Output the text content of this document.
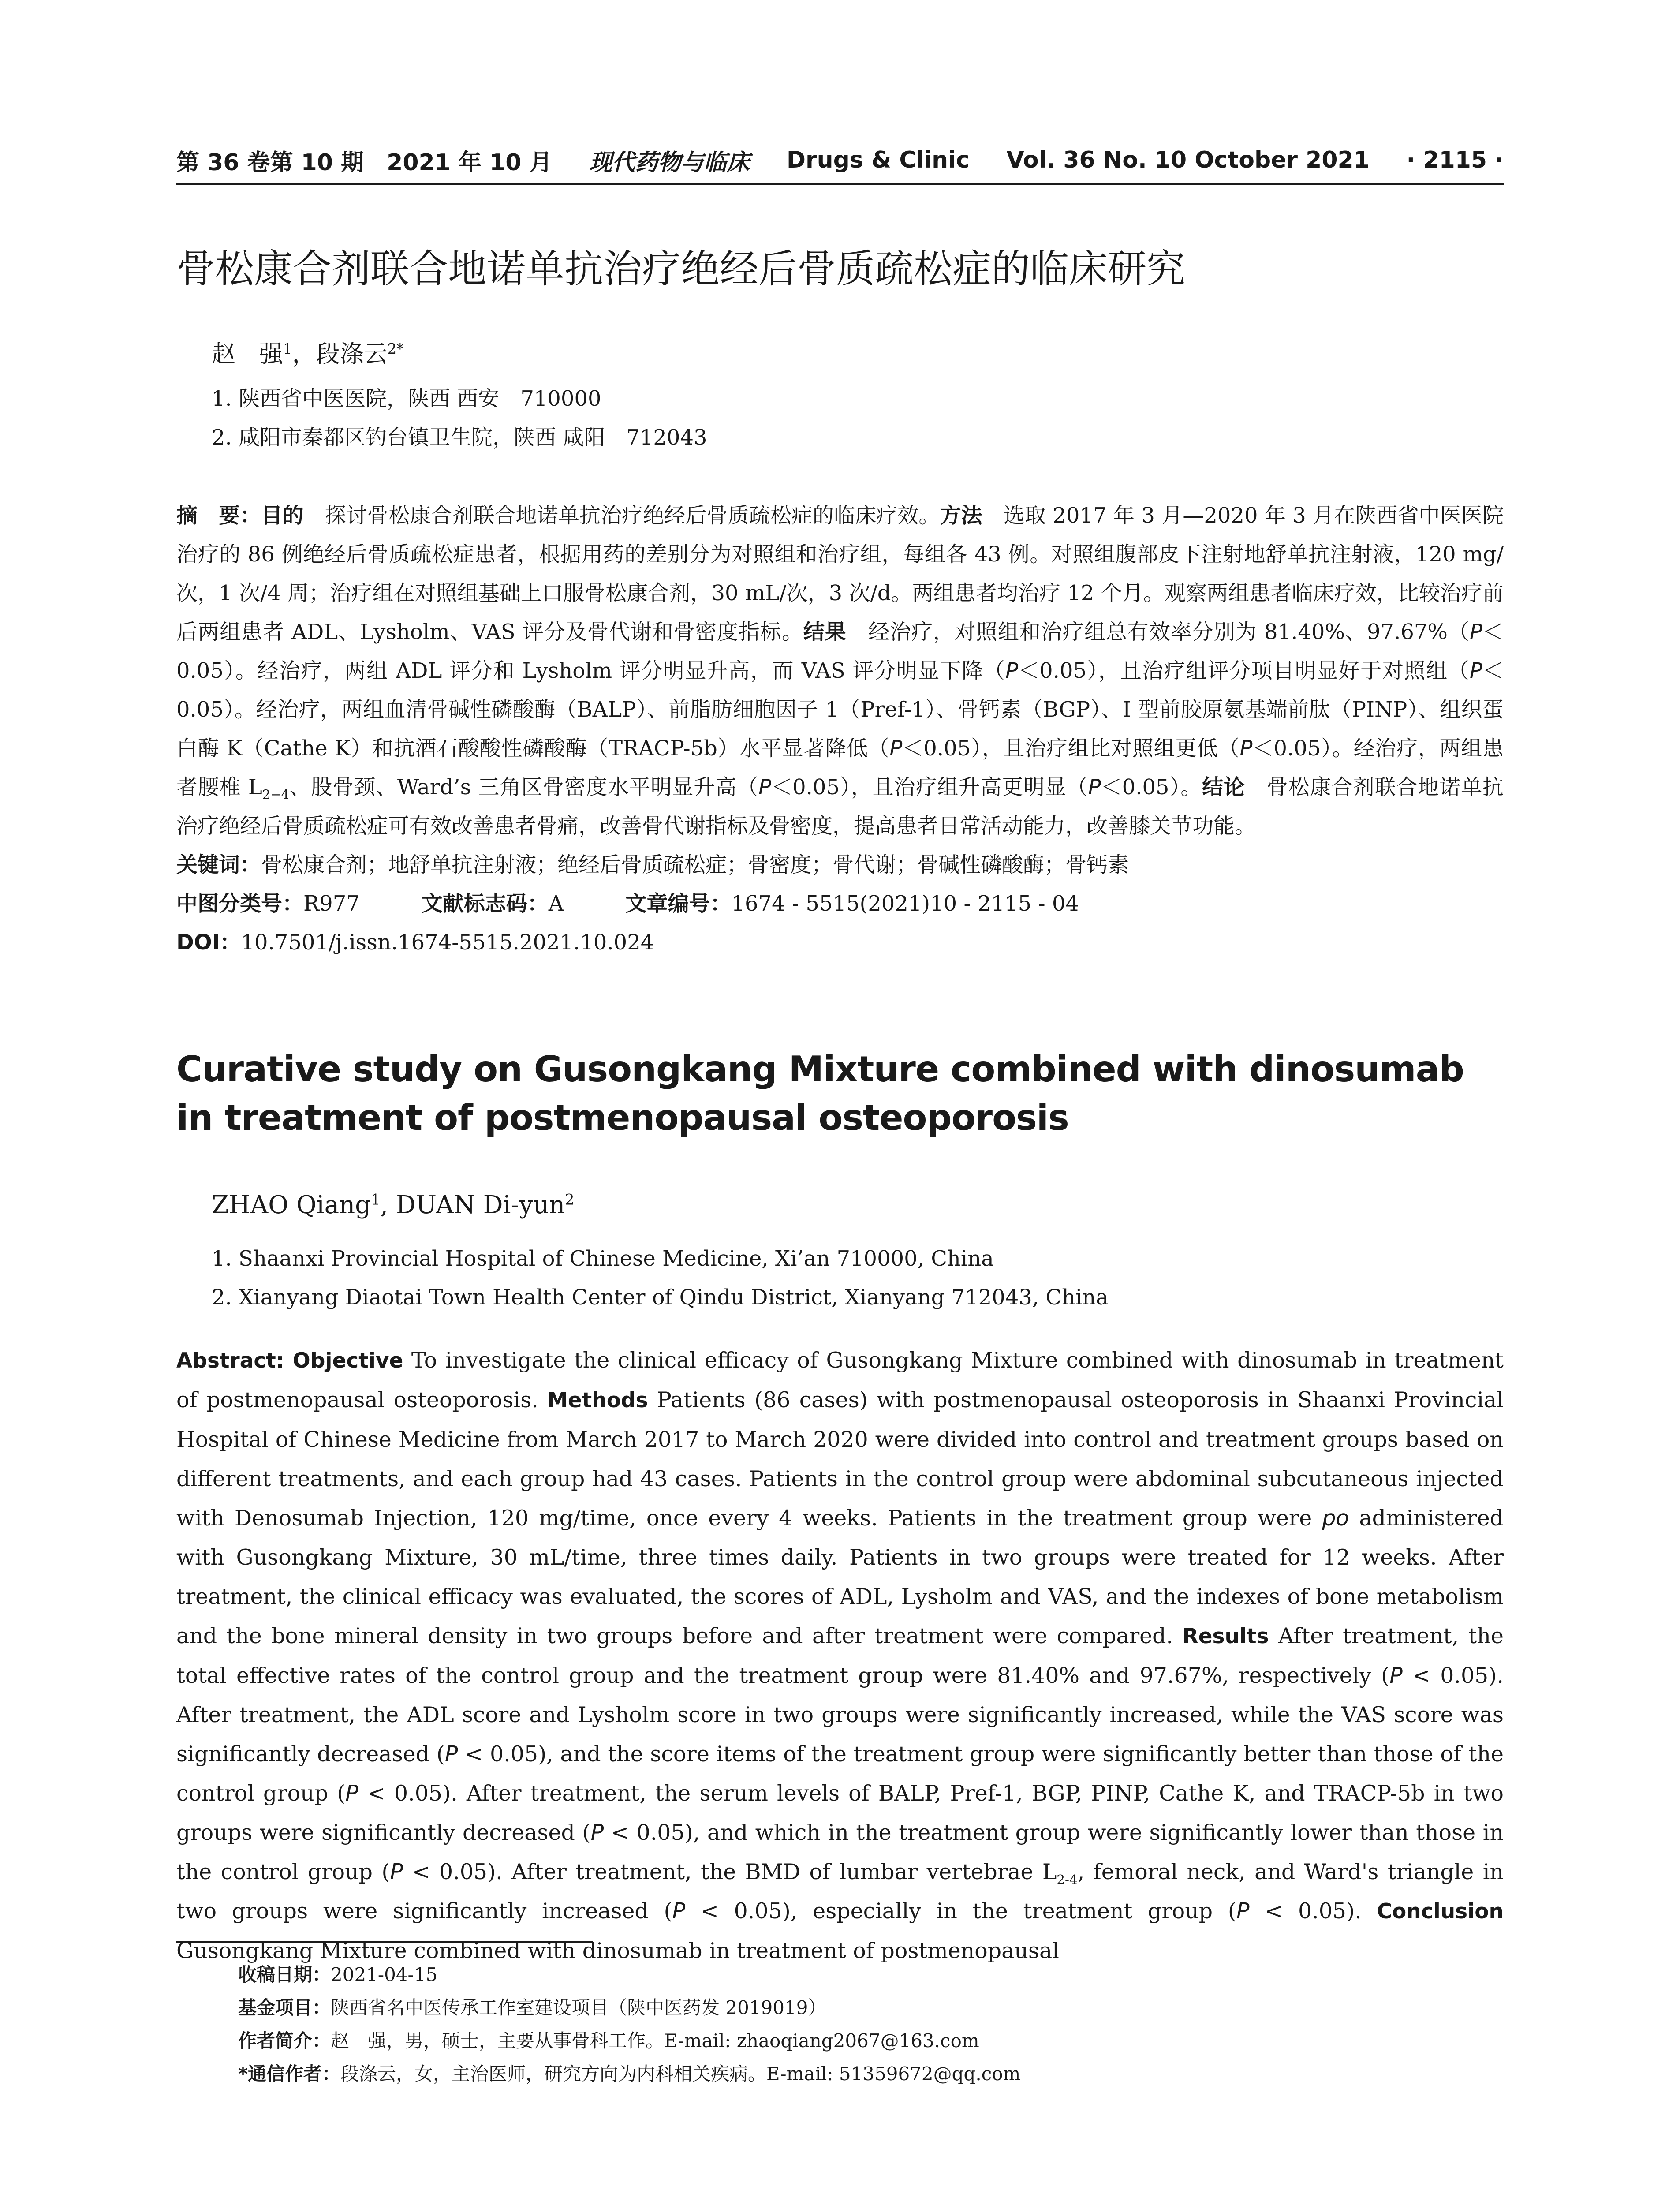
第 36 卷第 10 期　2021 年 10 月 现代药物与临床 Drugs & Clinic Vol. 36 No. 10 October 2021 · 2115 ·
骨松康合剂联合地诺单抗治疗绝经后骨质疏松症的临床研究
赵　强$^1$，段涤云$^{2*}$
1. 陕西省中医医院，陕西 西安　710000
2. 咸阳市秦都区钓台镇卫生院，陕西 咸阳　712043
摘　要：目的　探讨骨松康合剂联合地诺单抗治疗绝经后骨质疏松症的临床疗效。方法　选取 2017 年 3 月—2020 年 3 月在陕西省中医医院治疗的 86 例绝经后骨质疏松症患者，根据用药的差别分为对照组和治疗组，每组各 43 例。对照组腹部皮下注射地舒单抗注射液，120 mg/次，1 次/4 周；治疗组在对照组基础上口服骨松康合剂，30 mL/次，3 次/d。两组患者均治疗 12 个月。观察两组患者临床疗效，比较治疗前后两组患者 ADL、Lysholm、VAS 评分及骨代谢和骨密度指标。结果　经治疗，对照组和治疗组总有效率分别为 81.40%、97.67%（P＜0.05）。经治疗，两组 ADL 评分和 Lysholm 评分明显升高，而 VAS 评分明显下降（P＜0.05），且治疗组评分项目明显好于对照组（P＜0.05）。经治疗，两组血清骨碱性磷酸酶（BALP）、前脂肪细胞因子 1（Pref-1）、骨钙素（BGP）、I 型前胶原氨基端前肽（PINP）、组织蛋白酶 K（Cathe K）和抗酒石酸酸性磷酸酶（TRACP-5b）水平显著降低（P＜0.05），且治疗组比对照组更低（P＜0.05）。经治疗，两组患者腰椎 $L_{2-4}$、股骨颈、Ward’s 三角区骨密度水平明显升高（P＜0.05），且治疗组升高更明显（P＜0.05）。结论　骨松康合剂联合地诺单抗治疗绝经后骨质疏松症可有效改善患者骨痛，改善骨代谢指标及骨密度，提高患者日常活动能力，改善膝关节功能。
关键词：骨松康合剂；地舒单抗注射液；绝经后骨质疏松症；骨密度；骨代谢；骨碱性磷酸酶；骨钙素
中图分类号：R977	文献标志码：A	文章编号：1674 - 5515(2021)10 - 2115 - 04
DOI：10.7501/j.issn.1674-5515.2021.10.024
Curative study on Gusongkang Mixture combined with dinosumab in treatment of postmenopausal osteoporosis
ZHAO Qiang$^1$, DUAN Di-yun$^2$
1. Shaanxi Provincial Hospital of Chinese Medicine, Xi’an 710000, China
2. Xianyang Diaotai Town Health Center of Qindu District, Xianyang 712043, China
Abstract: Objective To investigate the clinical efficacy of Gusongkang Mixture combined with dinosumab in treatment of postmenopausal osteoporosis. Methods Patients (86 cases) with postmenopausal osteoporosis in Shaanxi Provincial Hospital of Chinese Medicine from March 2017 to March 2020 were divided into control and treatment groups based on different treatments, and each group had 43 cases. Patients in the control group were abdominal subcutaneous injected with Denosumab Injection, 120 mg/time, once every 4 weeks. Patients in the treatment group were po administered with Gusongkang Mixture, 30 mL/time, three times daily. Patients in two groups were treated for 12 weeks. After treatment, the clinical efficacy was evaluated, the scores of ADL, Lysholm and VAS, and the indexes of bone metabolism and the bone mineral density in two groups before and after treatment were compared. Results After treatment, the total effective rates of the control group and the treatment group were 81.40% and 97.67%, respectively (P < 0.05). After treatment, the ADL score and Lysholm score in two groups were significantly increased, while the VAS score was significantly decreased (P < 0.05), and the score items of the treatment group were significantly better than those of the control group (P < 0.05). After treatment, the serum levels of BALP, Pref-1, BGP, PINP, Cathe K, and TRACP-5b in two groups were significantly decreased (P < 0.05), and which in the treatment group were significantly lower than those in the control group (P < 0.05). After treatment, the BMD of lumbar vertebrae $L_{2-4}$, femoral neck, and Ward's triangle in two groups were significantly increased (P < 0.05), especially in the treatment group (P < 0.05). Conclusion Gusongkang Mixture combined with dinosumab in treatment of postmenopausal
收稿日期：2021-04-15
基金项目：陕西省名中医传承工作室建设项目（陕中医药发 2019019）
作者简介：赵　强，男，硕士，主要从事骨科工作。E-mail: zhaoqiang2067@163.com
*通信作者：段涤云，女，主治医师，研究方向为内科相关疾病。E-mail: 51359672@qq.com
